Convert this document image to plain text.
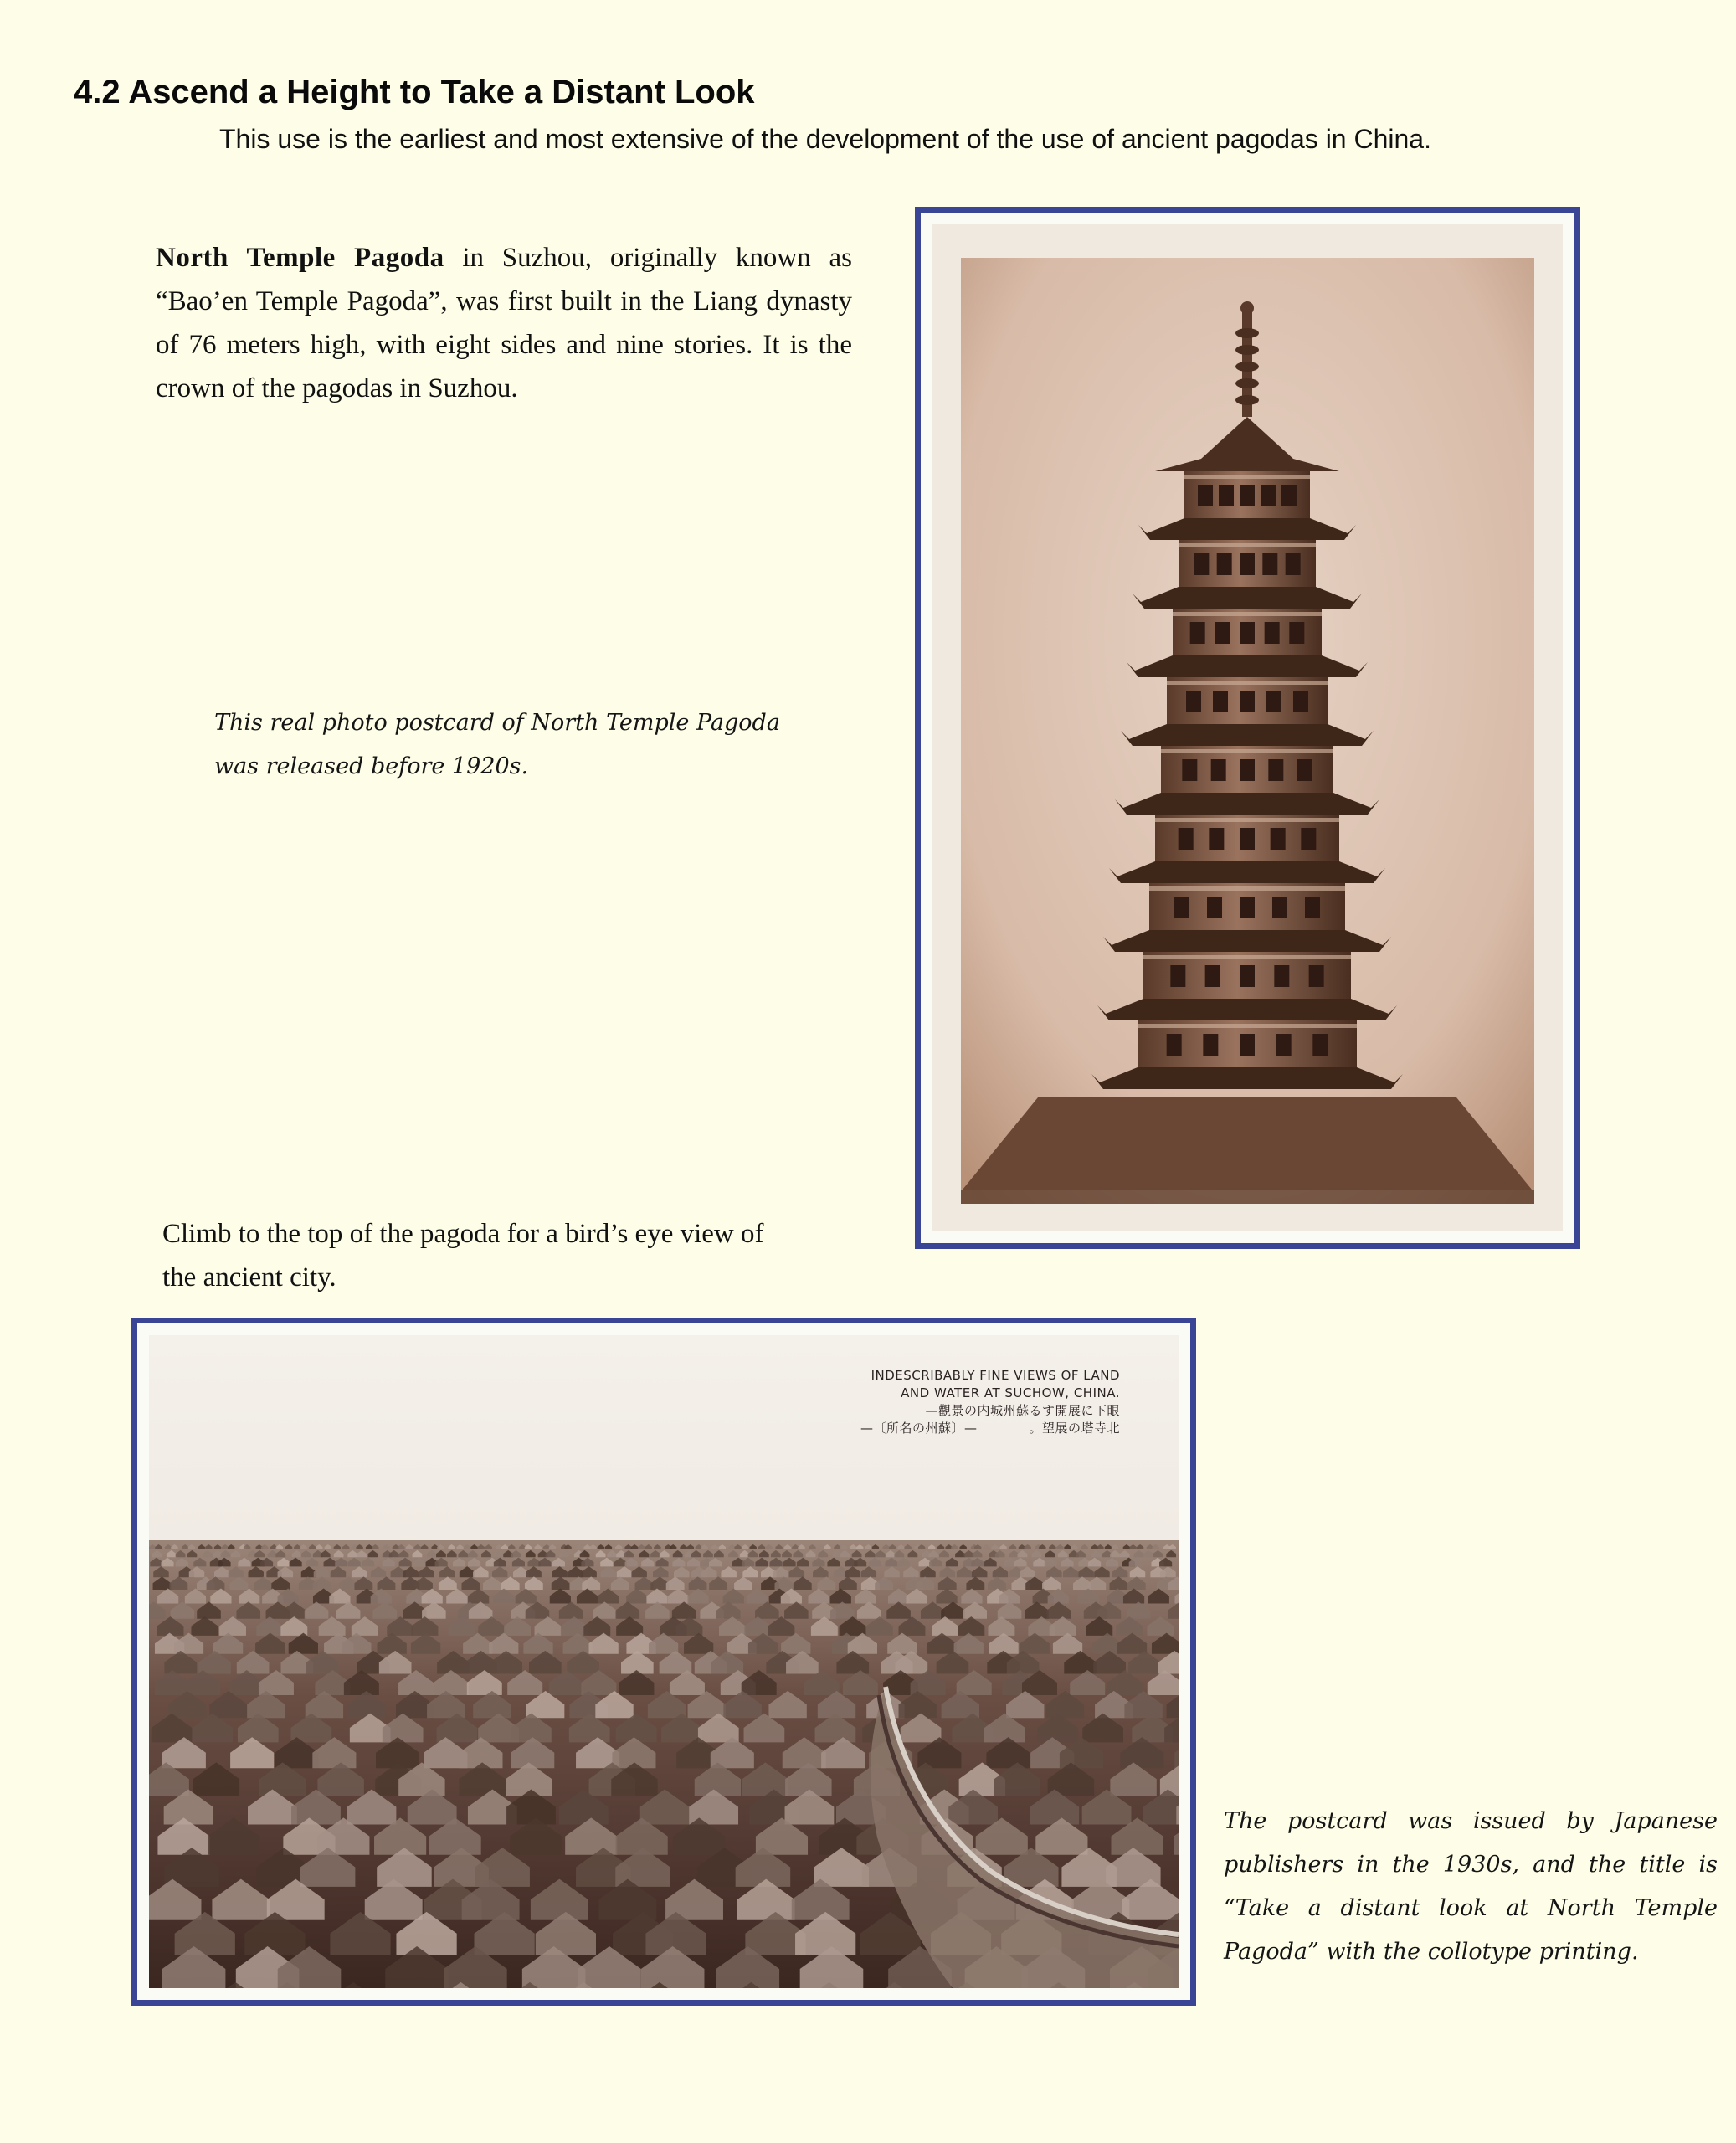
4.2 Ascend a Height to Take a Distant Look
This use is the earliest and most extensive of the development of the use of ancient pagodas in China.

North Temple Pagoda in Suzhou, originally known as “Bao’en Temple Pagoda”, was first built in the Liang dynasty of 76 meters high, with eight sides and nine stories. It is the crown of the pagodas in Suzhou.

This real photo postcard of North Temple Pagoda was released before 1920s.
Climb to the top of the pagoda for a bird’s eye view of the ancient city.
The postcard was issued by Japanese publishers in the 1930s, and the title is “Take a distant look at North Temple Pagoda” with the collotype printing.
INDESCRIBABLY FINE VIEWS OF LAND
AND WATER AT SUCHOW, CHINA.
—觀景の内城州蘇るす開展に下眼
—〔所名の州蘇〕—　　　　。望展の塔寺北
